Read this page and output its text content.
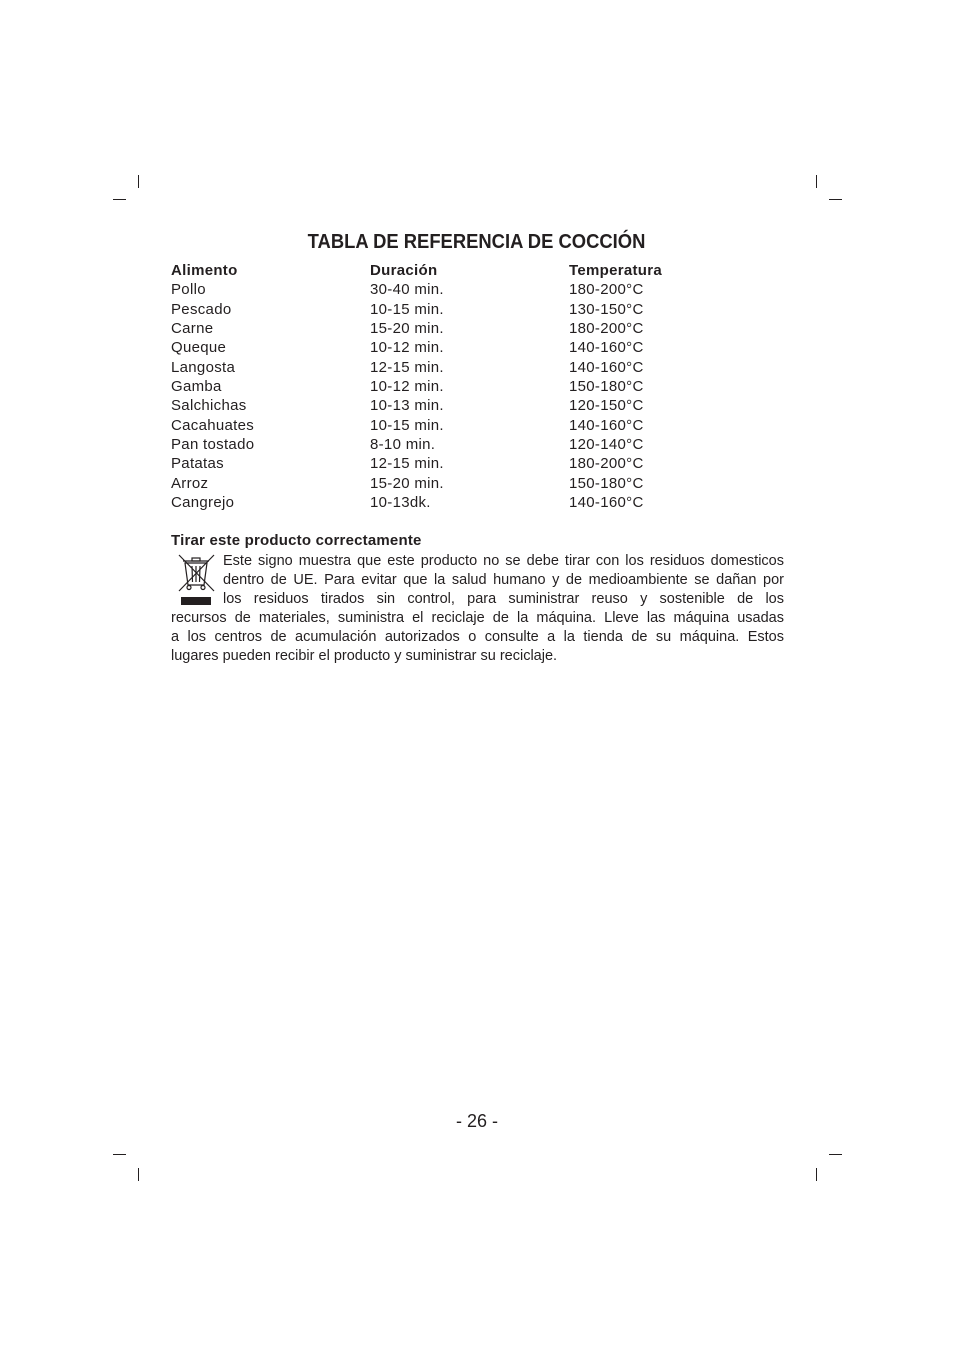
TABLA DE REFERENCIA DE COCCIÓN
Alimento	Duración	Temperatura
Pollo	30-40 min.	180-200°C
Pescado	10-15 min.	130-150°C
Carne	15-20 min.	180-200°C
Queque	10-12 min.	140-160°C
Langosta	12-15 min.	140-160°C
Gamba	10-12 min.	150-180°C
Salchichas	10-13 min.	120-150°C
Cacahuates	10-15 min.	140-160°C
Pan tostado	8-10 min.	120-140°C
Patatas	12-15 min.	180-200°C
Arroz	15-20 min.	150-180°C
Cangrejo	10-13dk.	140-160°C
Tirar este producto correctamente
Este signo muestra que este producto no se debe tirar con los residuos domesticos
dentro de UE. Para evitar que la salud humano y de medioambiente se dañan por
los residuos tirados sin control, para suministrar reuso y sostenible de los
recursos de materiales, suministra el reciclaje de la máquina. Lleve las máquina usadas
a los centros de acumulación autorizados o consulte a la tienda de su máquina. Estos
lugares pueden recibir el producto y suministrar su reciclaje.
- 26 -
